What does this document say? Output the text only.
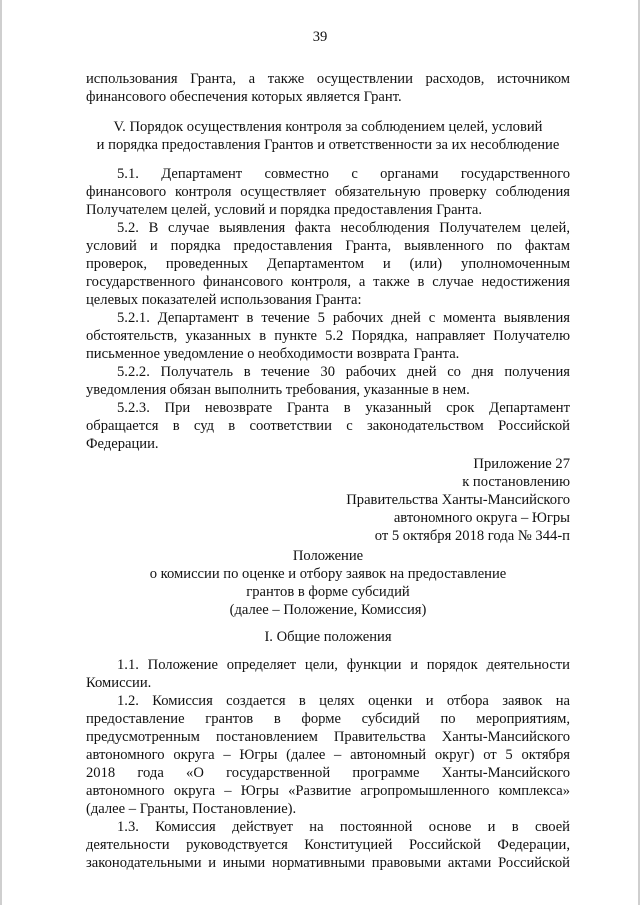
39
использования Гранта, а также осуществлении расходов, источником
финансового обеспечения которых является Грант.
V. Порядок осуществления контроля за соблюдением целей, условий
и порядка предоставления Грантов и ответственности за их несоблюдение
5.1. Департамент совместно с органами государственного
финансового контроля осуществляет обязательную проверку соблюдения
Получателем целей, условий и порядка предоставления Гранта.
5.2. В случае выявления факта несоблюдения Получателем целей,
условий и порядка предоставления Гранта, выявленного по фактам
проверок, проведенных Департаментом и (или) уполномоченным
государственного финансового контроля, а также в случае недостижения
целевых показателей использования Гранта:
5.2.1. Департамент в течение 5 рабочих дней с момента выявления
обстоятельств, указанных в пункте 5.2 Порядка, направляет Получателю
письменное уведомление о необходимости возврата Гранта.
5.2.2. Получатель в течение 30 рабочих дней со дня получения
уведомления обязан выполнить требования, указанные в нем.
5.2.3. При невозврате Гранта в указанный срок Департамент
обращается в суд в соответствии с законодательством Российской
Федерации.
Приложение 27
к постановлению
Правительства Ханты-Мансийского
автономного округа – Югры
от 5 октября 2018 года № 344-п
Положение
о комиссии по оценке и отбору заявок на предоставление
грантов в форме субсидий
(далее – Положение, Комиссия)
I. Общие положения
1.1. Положение определяет цели, функции и порядок деятельности
Комиссии.
1.2. Комиссия создается в целях оценки и отбора заявок на
предоставление грантов в форме субсидий по мероприятиям,
предусмотренным постановлением Правительства Ханты-Мансийского
автономного округа – Югры (далее – автономный округ) от 5 октября
2018 года «О государственной программе Ханты-Мансийского
автономного округа – Югры «Развитие агропромышленного комплекса»
(далее – Гранты, Постановление).
1.3. Комиссия действует на постоянной основе и в своей
деятельности руководствуется Конституцией Российской Федерации,
законодательными и иными нормативными правовыми актами Российской
